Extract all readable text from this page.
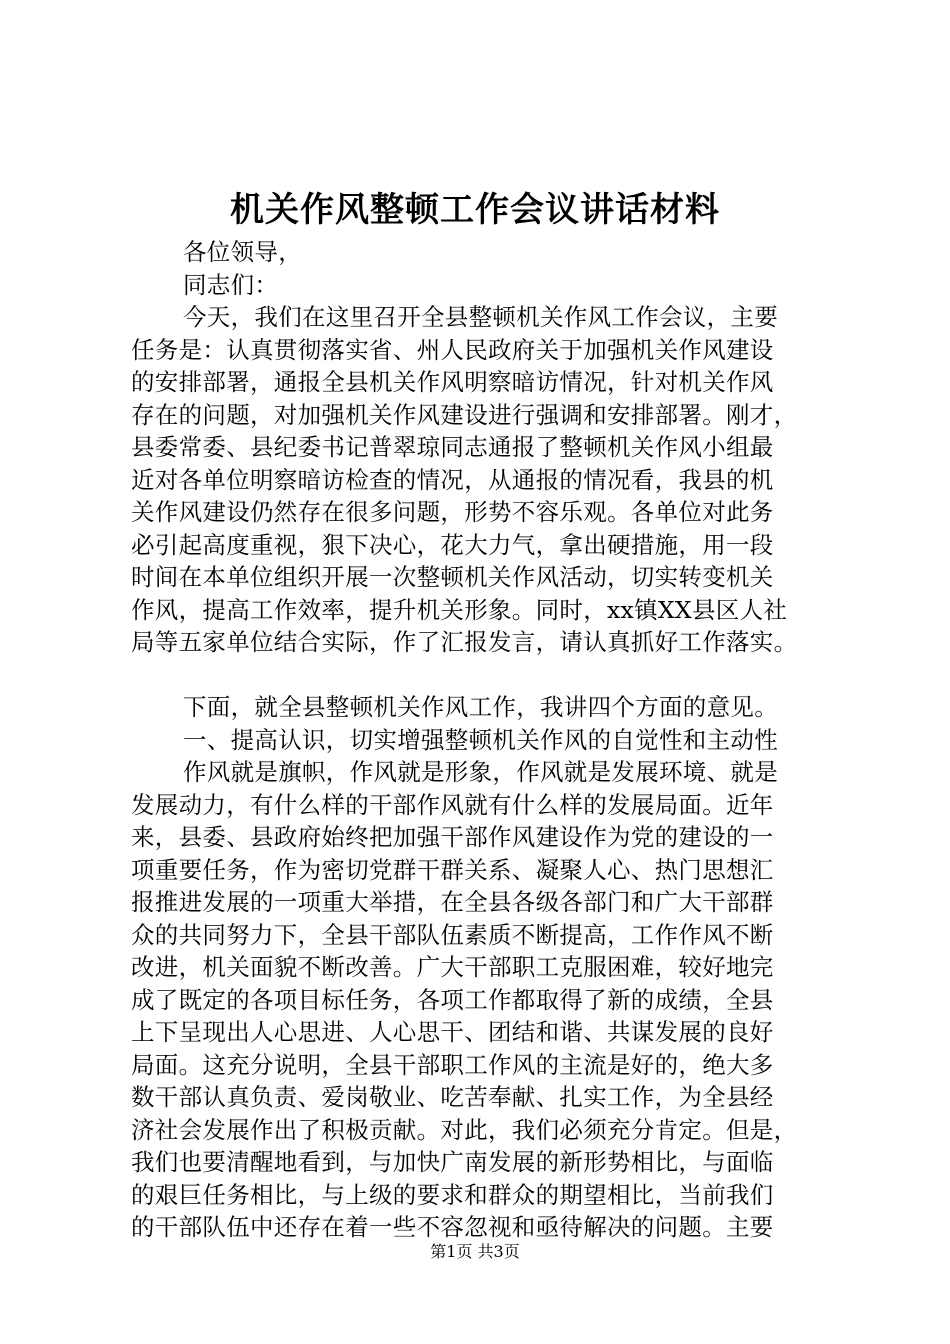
机关作风整顿工作会议讲话材料

各位领导，

同志们：

今天，我们在这里召开全县整顿机关作风工作会议，主要

任务是：认真贯彻落实省、州人民政府关于加强机关作风建设

的安排部署，通报全县机关作风明察暗访情况，针对机关作风

存在的问题，对加强机关作风建设进行强调和安排部署。刚才，

县委常委、县纪委书记普翠琼同志通报了整顿机关作风小组最

近对各单位明察暗访检查的情况，从通报的情况看，我县的机

关作风建设仍然存在很多问题，形势不容乐观。各单位对此务

必引起高度重视，狠下决心，花大力气，拿出硬措施，用一段

时间在本单位组织开展一次整顿机关作风活动，切实转变机关

作风，提高工作效率，提升机关形象。同时，xx镇XX县区人社

局等五家单位结合实际，作了汇报发言，请认真抓好工作落实。

下面，就全县整顿机关作风工作，我讲四个方面的意见。

一、提高认识，切实增强整顿机关作风的自觉性和主动性

作风就是旗帜，作风就是形象，作风就是发展环境、就是

发展动力，有什么样的干部作风就有什么样的发展局面。近年

来，县委、县政府始终把加强干部作风建设作为党的建设的一

项重要任务，作为密切党群干群关系、凝聚人心、热门思想汇

报推进发展的一项重大举措，在全县各级各部门和广大干部群

众的共同努力下，全县干部队伍素质不断提高，工作作风不断

改进，机关面貌不断改善。广大干部职工克服困难，较好地完

成了既定的各项目标任务，各项工作都取得了新的成绩，全县

上下呈现出人心思进、人心思干、团结和谐、共谋发展的良好

局面。这充分说明，全县干部职工作风的主流是好的，绝大多

数干部认真负责、爱岗敬业、吃苦奉献、扎实工作，为全县经

济社会发展作出了积极贡献。对此，我们必须充分肯定。但是，

我们也要清醒地看到，与加快广南发展的新形势相比，与面临

的艰巨任务相比，与上级的要求和群众的期望相比，当前我们

的干部队伍中还存在着一些不容忽视和亟待解决的问题。主要

第1页 共3页
